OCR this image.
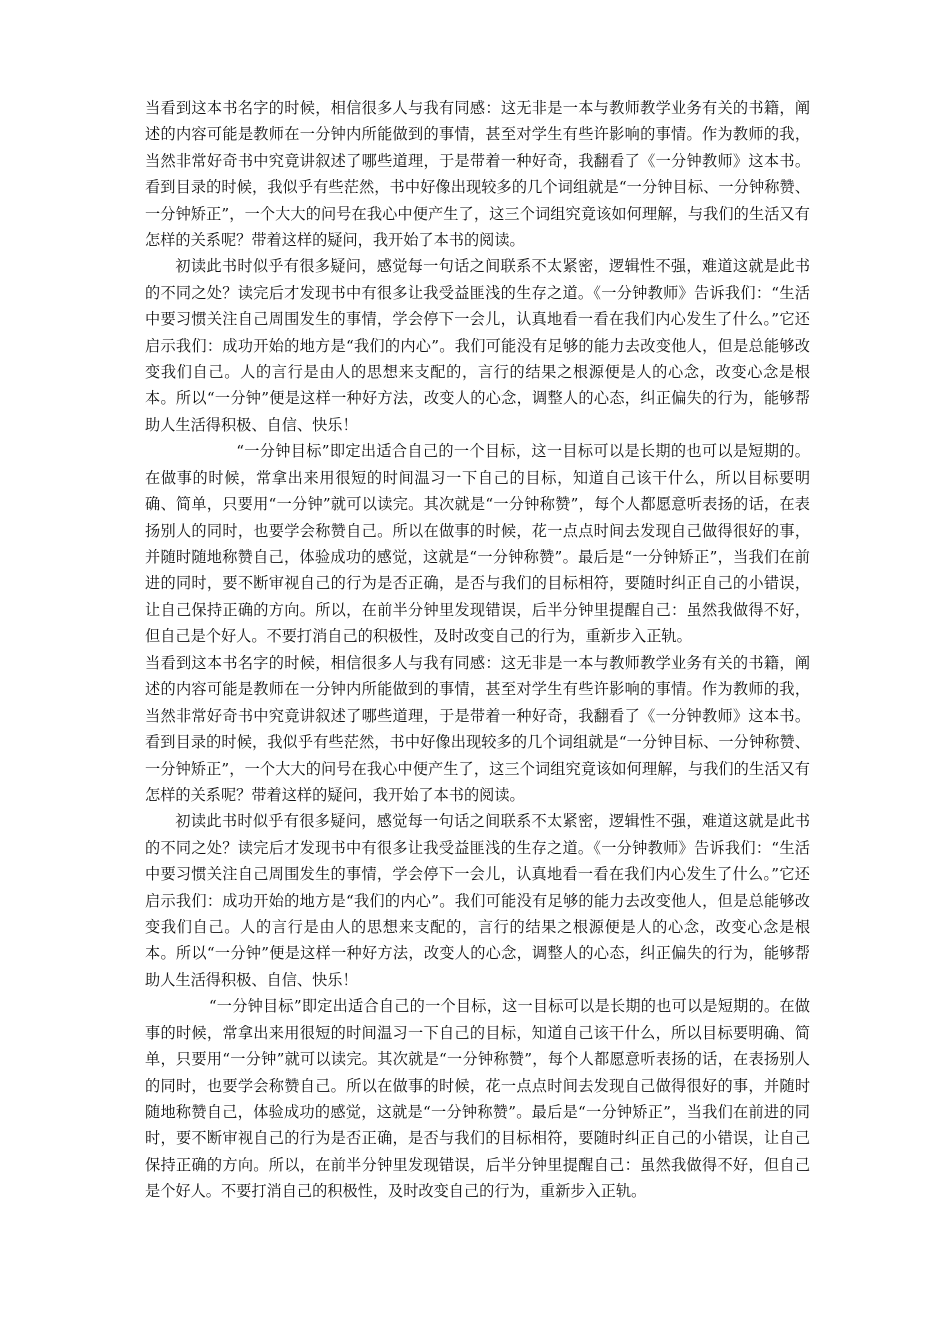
当看到这本书名字的时候，相信很多人与我有同感：这无非是一本与教师教学业务有关的书籍，阐述的内容可能是教师在一分钟内所能做到的事情，甚至对学生有些许影响的事情。作为教师的我，当然非常好奇书中究竟讲叙述了哪些道理，于是带着一种好奇，我翻看了《一分钟教师》这本书。看到目录的时候，我似乎有些茫然，书中好像出现较多的几个词组就是“一分钟目标、一分钟称赞、一分钟矫正”，一个大大的问号在我心中便产生了，这三个词组究竟该如何理解，与我们的生活又有怎样的关系呢？带着这样的疑问，我开始了本书的阅读。

初读此书时似乎有很多疑问，感觉每一句话之间联系不太紧密，逻辑性不强，难道这就是此书的不同之处？读完后才发现书中有很多让我受益匪浅的生存之道。《一分钟教师》告诉我们：“生活中要习惯关注自己周围发生的事情，学会停下一会儿，认真地看一看在我们内心发生了什么。”它还启示我们：成功开始的地方是“我们的内心”。我们可能没有足够的能力去改变他人，但是总能够改变我们自己。人的言行是由人的思想来支配的，言行的结果之根源便是人的心念，改变心念是根本。所以“一分钟”便是这样一种好方法，改变人的心念，调整人的心态，纠正偏失的行为，能够帮助人生活得积极、自信、快乐！

“一分钟目标”即定出适合自己的一个目标，这一目标可以是长期的也可以是短期的。在做事的时候，常拿出来用很短的时间温习一下自己的目标，知道自己该干什么，所以目标要明确、简单，只要用“一分钟”就可以读完。其次就是“一分钟称赞”，每个人都愿意听表扬的话，在表扬别人的同时，也要学会称赞自己。所以在做事的时候，花一点点时间去发现自己做得很好的事，并随时随地称赞自己，体验成功的感觉，这就是“一分钟称赞”。最后是“一分钟矫正”，当我们在前进的同时，要不断审视自己的行为是否正确，是否与我们的目标相符，要随时纠正自己的小错误，让自己保持正确的方向。所以，在前半分钟里发现错误，后半分钟里提醒自己：虽然我做得不好，但自己是个好人。不要打消自己的积极性，及时改变自己的行为，重新步入正轨。

当看到这本书名字的时候，相信很多人与我有同感：这无非是一本与教师教学业务有关的书籍，阐述的内容可能是教师在一分钟内所能做到的事情，甚至对学生有些许影响的事情。作为教师的我，当然非常好奇书中究竟讲叙述了哪些道理，于是带着一种好奇，我翻看了《一分钟教师》这本书。看到目录的时候，我似乎有些茫然，书中好像出现较多的几个词组就是“一分钟目标、一分钟称赞、一分钟矫正”，一个大大的问号在我心中便产生了，这三个词组究竟该如何理解，与我们的生活又有怎样的关系呢？带着这样的疑问，我开始了本书的阅读。

初读此书时似乎有很多疑问，感觉每一句话之间联系不太紧密，逻辑性不强，难道这就是此书的不同之处？读完后才发现书中有很多让我受益匪浅的生存之道。《一分钟教师》告诉我们：“生活中要习惯关注自己周围发生的事情，学会停下一会儿，认真地看一看在我们内心发生了什么。”它还启示我们：成功开始的地方是“我们的内心”。我们可能没有足够的能力去改变他人，但是总能够改变我们自己。人的言行是由人的思想来支配的，言行的结果之根源便是人的心念，改变心念是根本。所以“一分钟”便是这样一种好方法，改变人的心念，调整人的心态，纠正偏失的行为，能够帮助人生活得积极、自信、快乐！

“一分钟目标”即定出适合自己的一个目标，这一目标可以是长期的也可以是短期的。在做事的时候，常拿出来用很短的时间温习一下自己的目标，知道自己该干什么，所以目标要明确、简单，只要用“一分钟”就可以读完。其次就是“一分钟称赞”，每个人都愿意听表扬的话，在表扬别人的同时，也要学会称赞自己。所以在做事的时候，花一点点时间去发现自己做得很好的事，并随时随地称赞自己，体验成功的感觉，这就是“一分钟称赞”。最后是“一分钟矫正”，当我们在前进的同时，要不断审视自己的行为是否正确，是否与我们的目标相符，要随时纠正自己的小错误，让自己保持正确的方向。所以，在前半分钟里发现错误，后半分钟里提醒自己：虽然我做得不好，但自己是个好人。不要打消自己的积极性，及时改变自己的行为，重新步入正轨。
